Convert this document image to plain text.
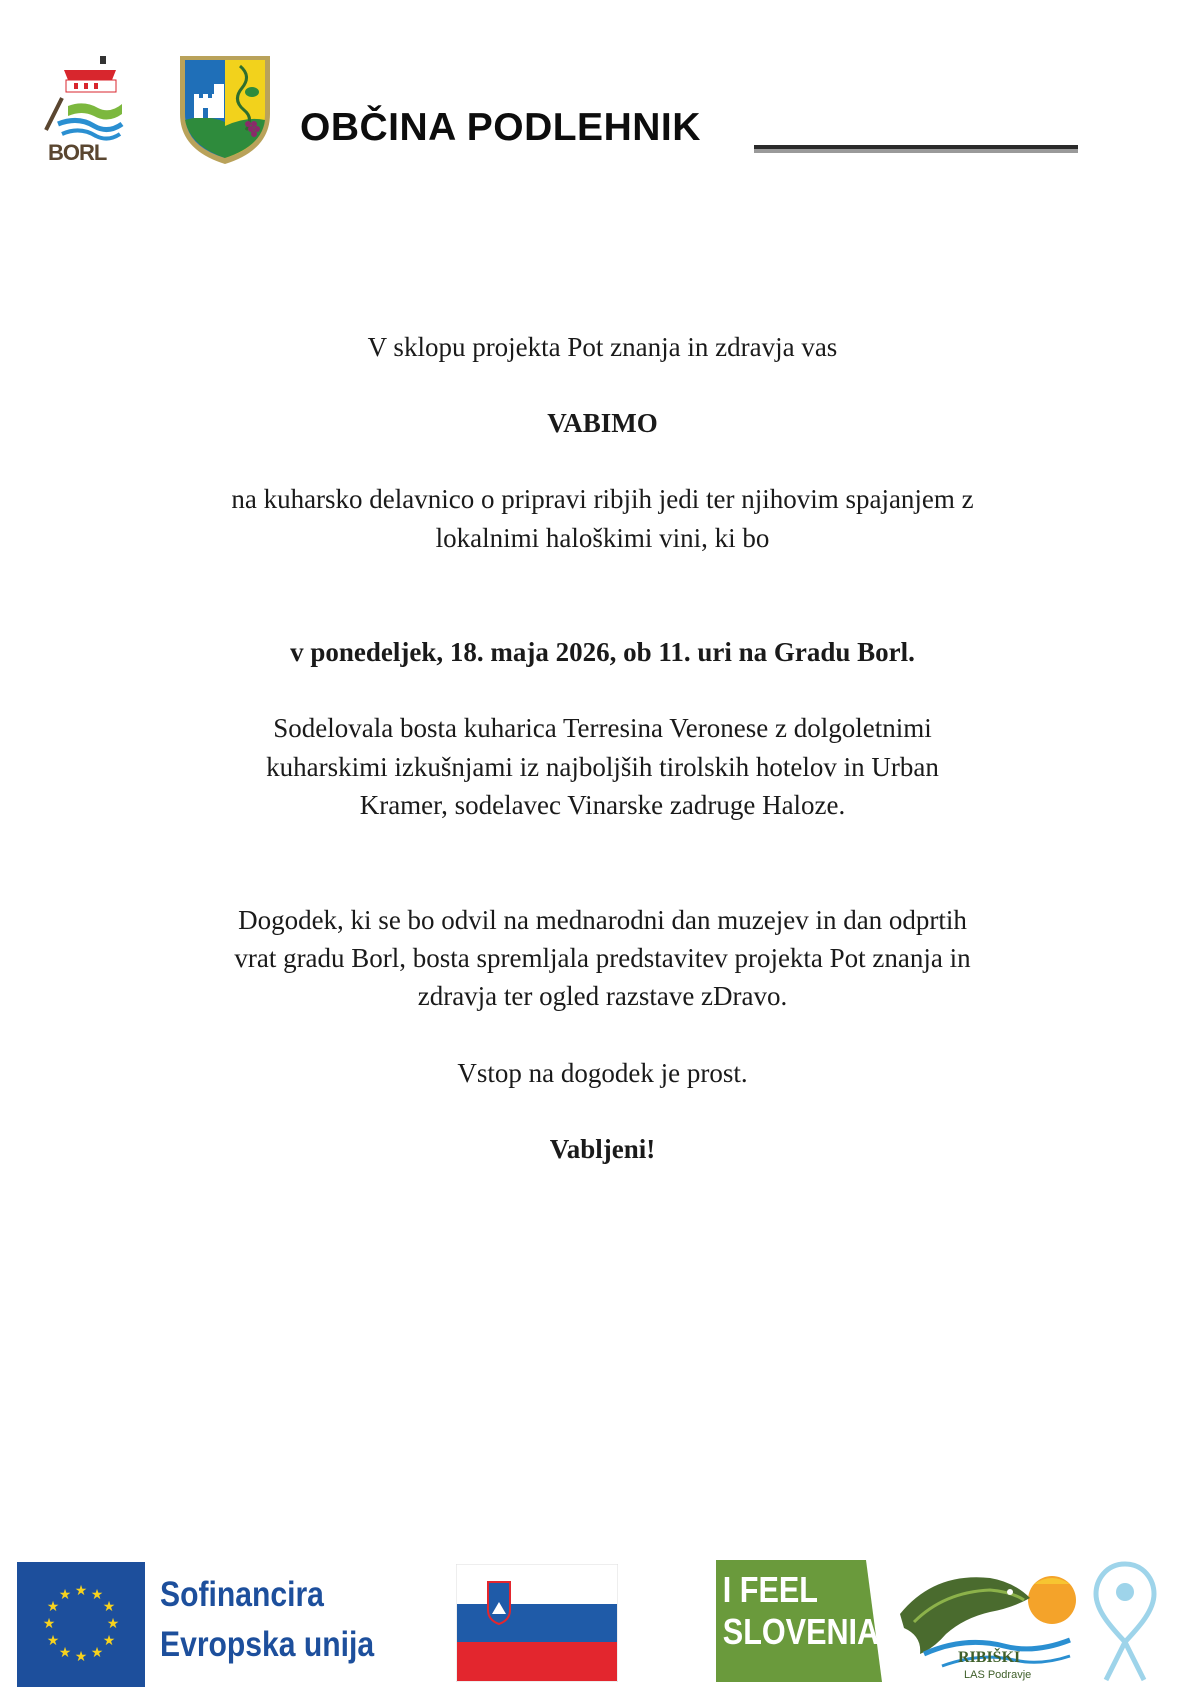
BORL
OBČINA PODLEHNIK

V sklopu projekta Pot znanja in zdravja vas

VABIMO

na kuharsko delavnico o pripravi ribjih jedi ter njihovim spajanjem z

lokalnimi haloškimi vini, ki bo

v ponedeljek, 18. maja 2026, ob 11. uri na Gradu Borl.

Sodelovala bosta kuharica Terresina Veronese z dolgoletnimi

kuharskimi izkušnjami iz najboljših tirolskih hotelov in Urban

Kramer, sodelavec Vinarske zadruge Haloze.

Dogodek, ki se bo odvil na mednarodni dan muzejev in dan odprtih

vrat gradu Borl, bosta spremljala predstavitev projekta Pot znanja in

zdravja ter ogled razstave zDravo.

Vstop na dogodek je prost.

Vabljeni!

★ ★
★
★
★
★
★
★
★
★
★
★	Sofinancira
Evropska unija
I FEEL
SLOVENIA
RIBIŠKI
LAS Podravje
